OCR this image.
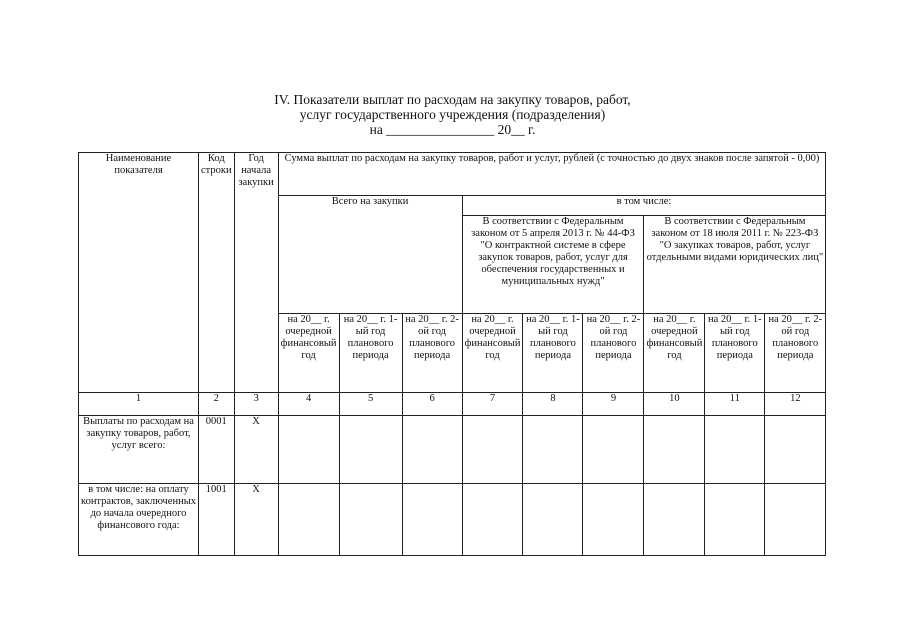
IV. Показатели выплат по расходам на закупку товаров, работ,
услуг государственного учреждения (подразделения)
на ________________ 20__ г.
Наименование показателя	Код строки	Год начала закупки	Сумма выплат по расходам на закупку товаров, работ и услуг, рублей (с точностью до двух знаков после запятой - 0,00)								
			Всего на закупки			в том числе:					
						В соответствии с Федеральным законом от 5 апреля 2013 г. № 44-ФЗ "О контрактной системе в сфере закупок товаров, работ, услуг для обеспечения государственных и муниципальных нужд"			В соответствии с Федеральным законом от 18 июля 2011 г. № 223-ФЗ "О закупках товаров, работ, услуг отдельными видами юридических лиц"		
			на 20__ г. очередной финансовый год	на 20__ г. 1-ый год планового периода	на 20__ г. 2-ой год планового периода	на 20__ г. очередной финансовый год	на 20__ г. 1-ый год планового периода	на 20__ г. 2-ой год планового периода	на 20__ г. очередной финансовый год	на 20__ г. 1-ый год планового периода	на 20__ г. 2-ой год планового периода
1	2	3	4	5	6	7	8	9	10	11	12
Выплаты по расходам на закупку товаров, работ, услуг всего:	0001	X									
в том числе: на оплату контрактов, заключенных до начала очередного финансового года:	1001	X									
